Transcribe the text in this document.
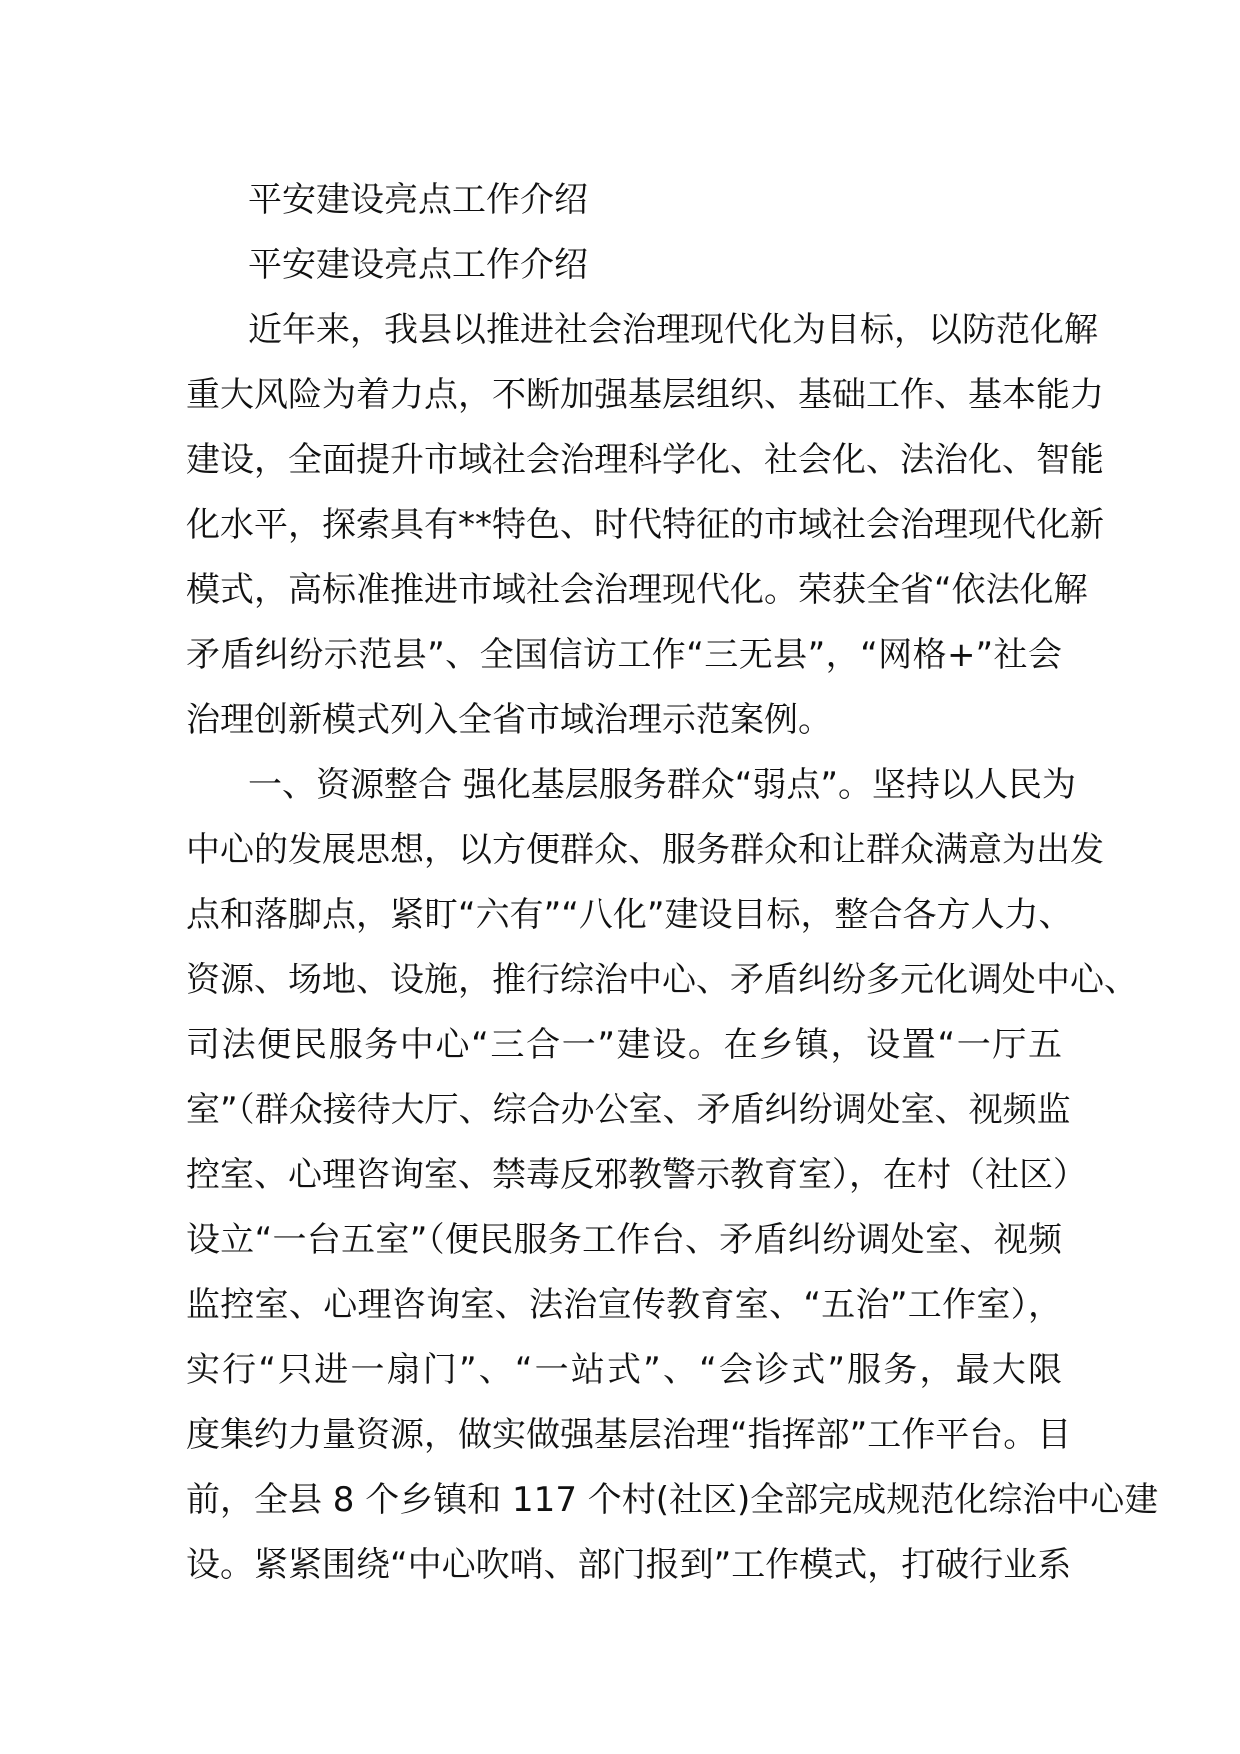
平安建设亮点工作介绍
平安建设亮点工作介绍
近年来，我县以推进社会治理现代化为目标，以防范化解
重大风险为着力点，不断加强基层组织、基础工作、基本能力
建设，全面提升市域社会治理科学化、社会化、法治化、智能
化水平，探索具有**特色、时代特征的市域社会治理现代化新
模式，高标准推进市域社会治理现代化。荣获全省“依法化解
矛盾纠纷示范县”、全国信访工作“三无县”，“网格+”社会
治理创新模式列入全省市域治理示范案例。
一、资源整合 强化基层服务群众“弱点”。坚持以人民为
中心的发展思想，以方便群众、服务群众和让群众满意为出发
点和落脚点，紧盯“六有”“八化”建设目标，整合各方人力、
资源、场地、设施，推行综治中心、矛盾纠纷多元化调处中心、
司法便民服务中心“三合一”建设。在乡镇，设置“一厅五
室”（群众接待大厅、综合办公室、矛盾纠纷调处室、视频监
控室、心理咨询室、禁毒反邪教警示教育室），在村（社区）
设立“一台五室”（便民服务工作台、矛盾纠纷调处室、视频
监控室、心理咨询室、法治宣传教育室、“五治”工作室），
实行“只进一扇门”、“一站式”、“会诊式”服务，最大限
度集约力量资源，做实做强基层治理“指挥部”工作平台。目
前，全县 8 个乡镇和 117 个村(社区)全部完成规范化综治中心建
设。紧紧围绕“中心吹哨、部门报到”工作模式，打破行业系
